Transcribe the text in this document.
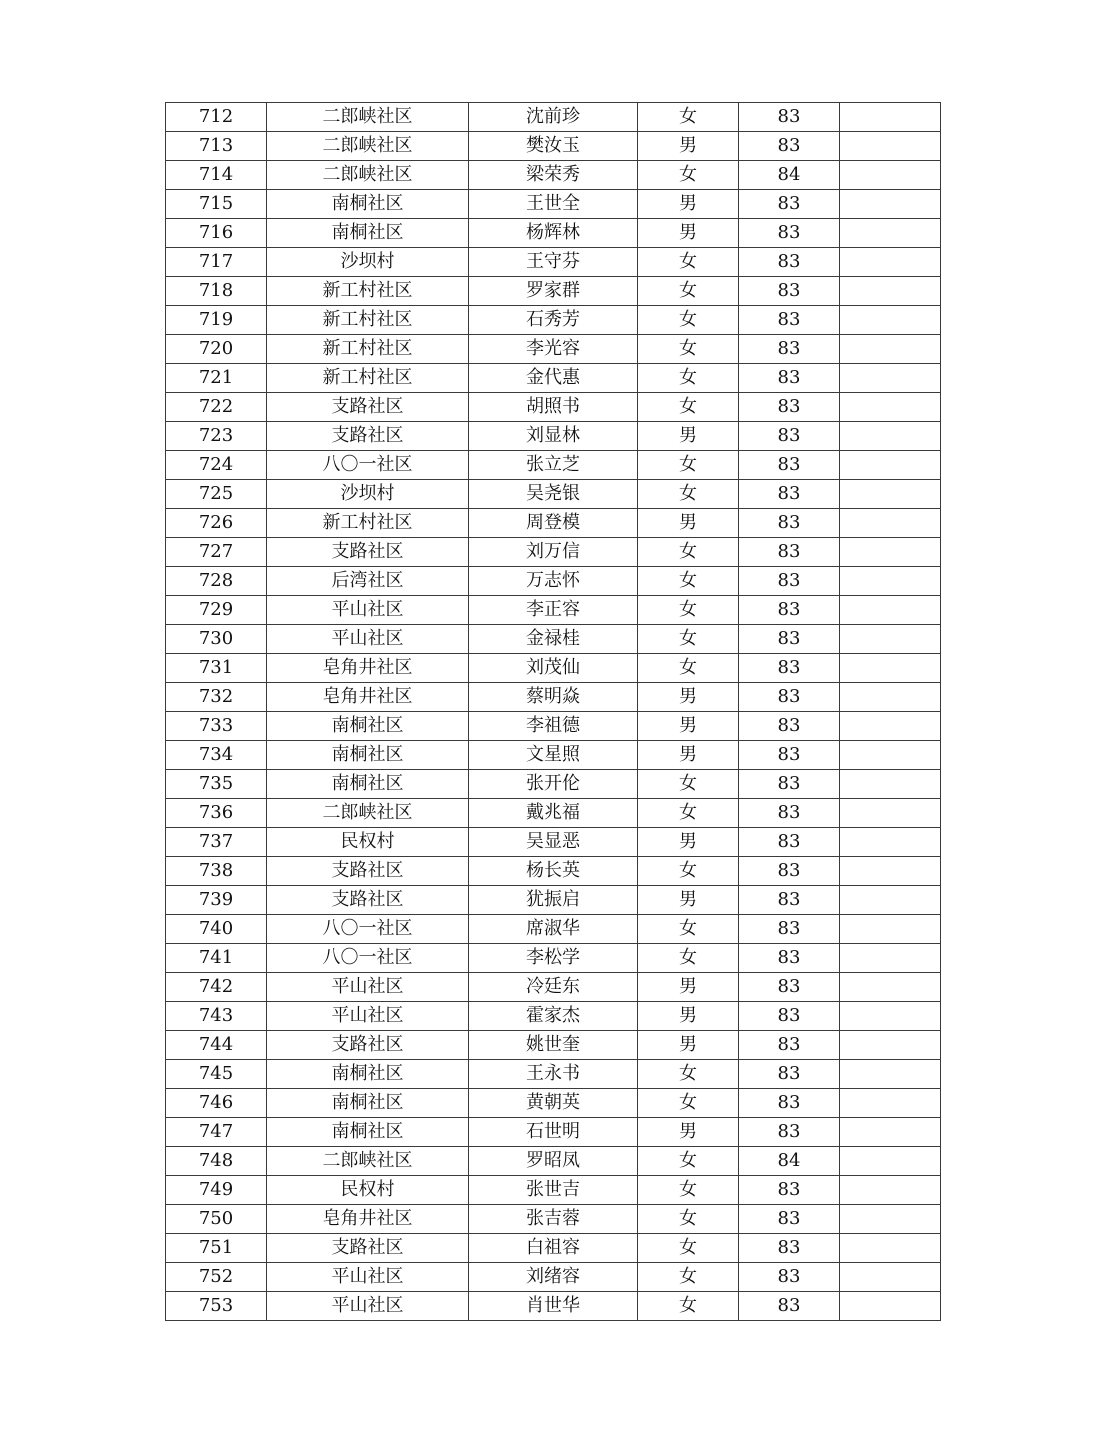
712	二郎峡社区	沈前珍	女	83	
713	二郎峡社区	樊汝玉	男	83	
714	二郎峡社区	梁荣秀	女	84	
715	南桐社区	王世全	男	83	
716	南桐社区	杨辉林	男	83	
717	沙坝村	王守芬	女	83	
718	新工村社区	罗家群	女	83	
719	新工村社区	石秀芳	女	83	
720	新工村社区	李光容	女	83	
721	新工村社区	金代惠	女	83	
722	支路社区	胡照书	女	83	
723	支路社区	刘显林	男	83	
724	八〇一社区	张立芝	女	83	
725	沙坝村	吴尧银	女	83	
726	新工村社区	周登模	男	83	
727	支路社区	刘万信	女	83	
728	后湾社区	万志怀	女	83	
729	平山社区	李正容	女	83	
730	平山社区	金禄桂	女	83	
731	皂角井社区	刘茂仙	女	83	
732	皂角井社区	蔡明焱	男	83	
733	南桐社区	李祖德	男	83	
734	南桐社区	文星照	男	83	
735	南桐社区	张开伦	女	83	
736	二郎峡社区	戴兆福	女	83	
737	民权村	吴显恶	男	83	
738	支路社区	杨长英	女	83	
739	支路社区	犹振启	男	83	
740	八〇一社区	席淑华	女	83	
741	八〇一社区	李松学	女	83	
742	平山社区	冷廷东	男	83	
743	平山社区	霍家杰	男	83	
744	支路社区	姚世奎	男	83	
745	南桐社区	王永书	女	83	
746	南桐社区	黄朝英	女	83	
747	南桐社区	石世明	男	83	
748	二郎峡社区	罗昭凤	女	84	
749	民权村	张世吉	女	83	
750	皂角井社区	张吉蓉	女	83	
751	支路社区	白祖容	女	83	
752	平山社区	刘绪容	女	83	
753	平山社区	肖世华	女	83	
